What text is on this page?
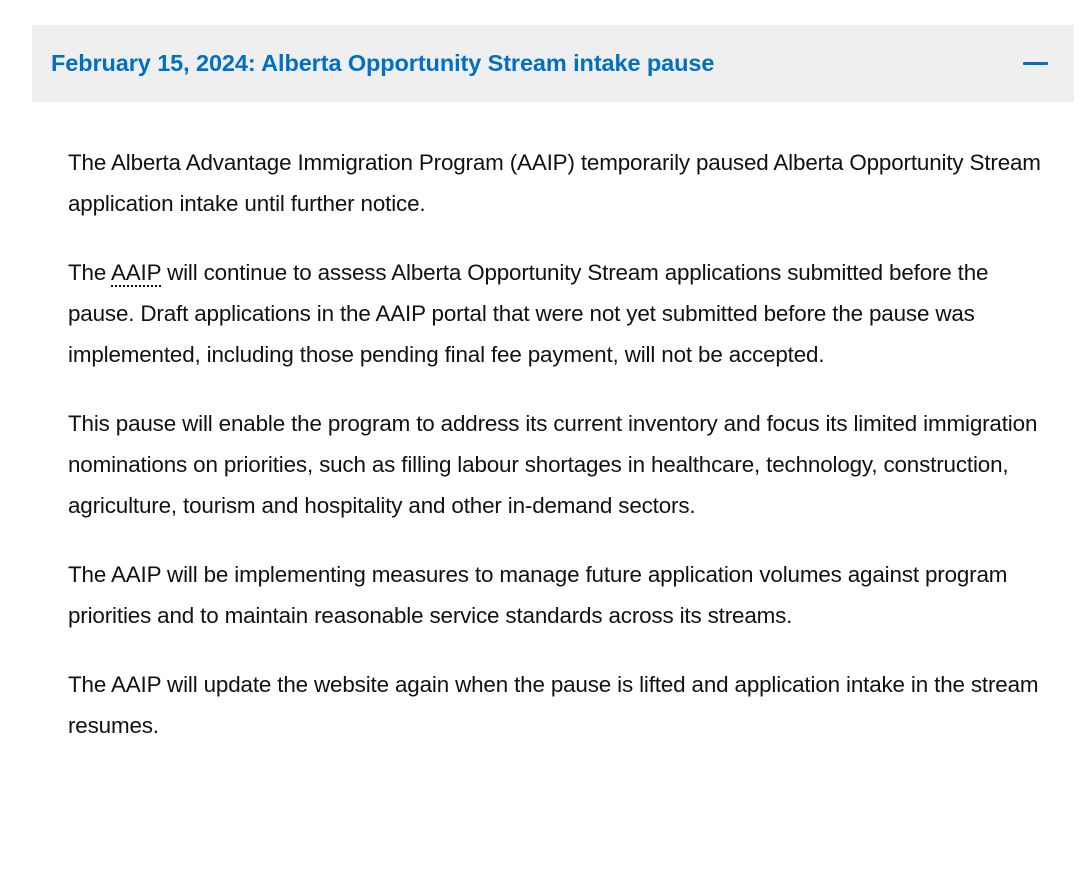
February 15, 2024: Alberta Opportunity Stream intake pause

The Alberta Advantage Immigration Program (AAIP) temporarily paused Alberta Opportunity Stream application intake until further notice.

The AAIP will continue to assess Alberta Opportunity Stream applications submitted before the pause. Draft applications in the AAIP portal that were not yet submitted before the pause was implemented, including those pending final fee payment, will not be accepted.

This pause will enable the program to address its current inventory and focus its limited immigration nominations on priorities, such as filling labour shortages in healthcare, technology, construction, agriculture, tourism and hospitality and other in-demand sectors.

The AAIP will be implementing measures to manage future application volumes against program priorities and to maintain reasonable service standards across its streams.

The AAIP will update the website again when the pause is lifted and application intake in the stream resumes.
